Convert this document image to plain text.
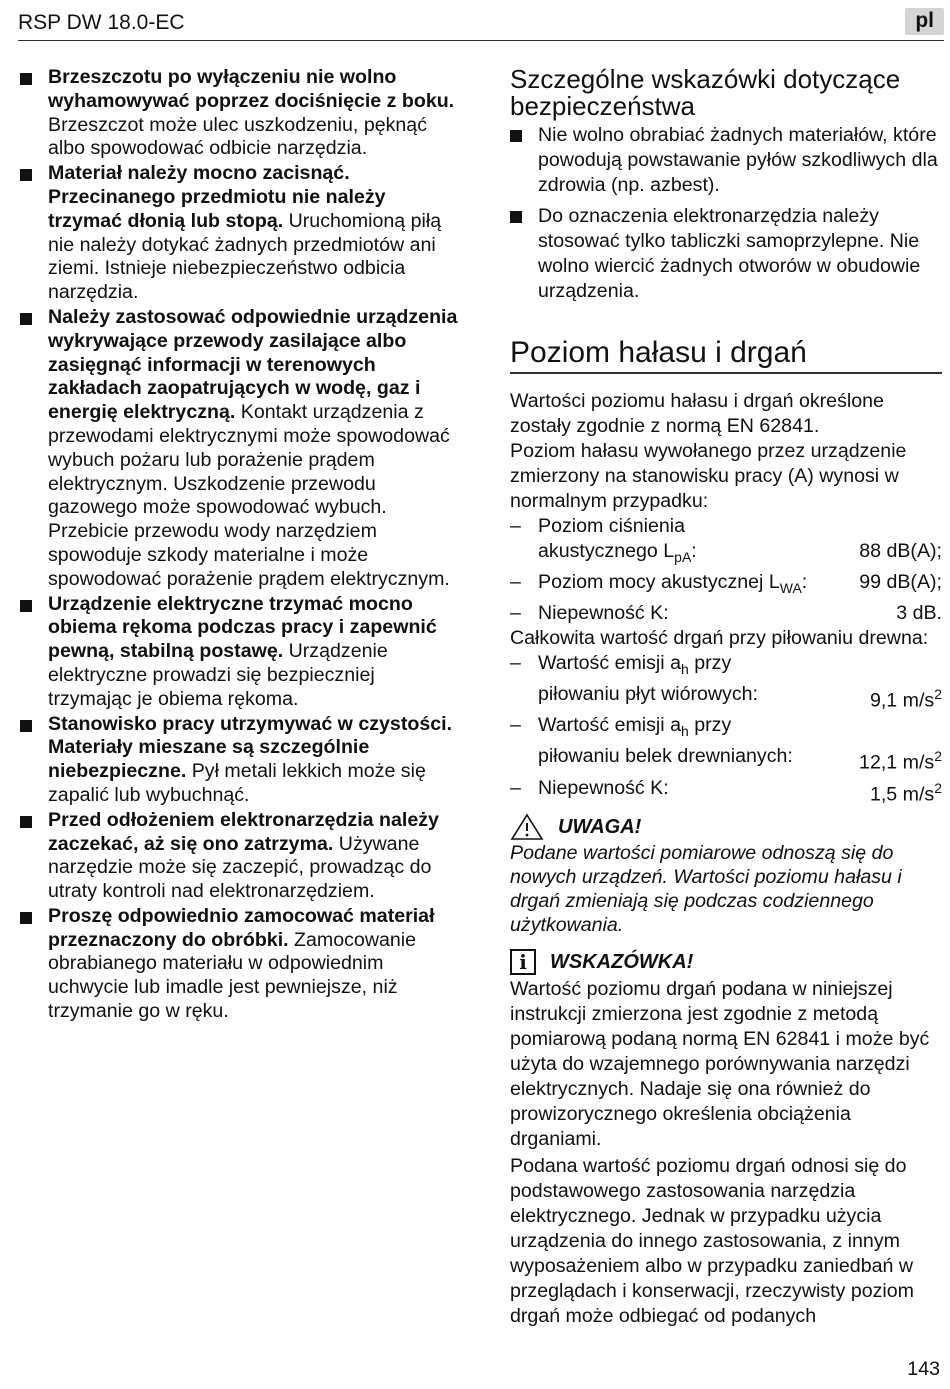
RSP DW 18.0-EC	pl
Brzeszczotu po wyłączeniu nie wolno wyhamowywać poprzez dociśnięcie z boku. Brzeszczot może ulec uszkodzeniu, pęknąć albo spowodować odbicie narzędzia.
Materiał należy mocno zacisnąć. Przecinanego przedmiotu nie należy trzymać dłonią lub stopą. Uruchomioną piłą nie należy dotykać żadnych przedmiotów ani ziemi. Istnieje niebezpieczeństwo odbicia narzędzia.
Należy zastosować odpowiednie urządzenia wykrywające przewody zasilające albo zasięgnąć informacji w terenowych zakładach zaopatrujących w wodę, gaz i energię elektryczną. Kontakt urządzenia z przewodami elektrycznymi może spowodować wybuch pożaru lub porażenie prądem elektrycznym. Uszkodzenie przewodu gazowego może spowodować wybuch. Przebicie przewodu wody narzędziem spowoduje szkody materialne i może spowodować porażenie prądem elektrycznym.
Urządzenie elektryczne trzymać mocno obiema rękoma podczas pracy i zapewnić pewną, stabilną postawę. Urządzenie elektryczne prowadzi się bezpieczniej trzymając je obiema rękoma.
Stanowisko pracy utrzymywać w czystości. Materiały mieszane są szczególnie niebezpieczne. Pył metali lekkich może się zapalić lub wybuchnąć.
Przed odłożeniem elektronarzędzia należy zaczekać, aż się ono zatrzyma. Używane narzędzie może się zaczepić, prowadząc do utraty kontroli nad elektronarzędziem.
Proszę odpowiednio zamocować materiał przeznaczony do obróbki. Zamocowanie obrabianego materiału w odpowiednim uchwycie lub imadle jest pewniejsze, niż trzymanie go w ręku.
Szczególne wskazówki dotyczące bezpieczeństwa
Nie wolno obrabiać żadnych materiałów, które powodują powstawanie pyłów szkodliwych dla zdrowia (np. azbest).
Do oznaczenia elektronarzędzia należy stosować tylko tabliczki samoprzylepne. Nie wolno wiercić żadnych otworów w obudowie urządzenia.
Poziom hałasu i drgań

Wartości poziomu hałasu i drgań określone zostały zgodnie z normą EN 62841.

Poziom hałasu wywołanego przez urządzenie zmierzony na stanowisku pracy (A) wynosi w normalnym przypadku:

– Poziom ciśnienia
akustycznego $L_{pA}$:	88 dB(A);
– Poziom mocy akustycznej $L_{WA}$:	99 dB(A);
– Niepewność K:	3 dB.

Całkowita wartość drgań przy piłowaniu drewna:

– Wartość emisji $a_h$ przy
piłowaniu płyt wiórowych:	9,1 $m/s^2$
– Wartość emisji $a_h$ przy
piłowaniu belek drewnianych:	12,1 $m/s^2$
– Niepewność K:	1,5 $m/s^2$
UWAGA!

Podane wartości pomiarowe odnoszą się do nowych urządzeń. Wartości poziomu hałasu i drgań zmieniają się podczas codziennego użytkowania.

i	WSKAZÓWKA!

Wartość poziomu drgań podana w niniejszej instrukcji zmierzona jest zgodnie z metodą pomiarową podaną normą EN 62841 i może być użyta do wzajemnego porównywania narzędzi elektrycznych. Nadaje się ona również do prowizorycznego określenia obciążenia drganiami.

Podana wartość poziomu drgań odnosi się do podstawowego zastosowania narzędzia elektrycznego. Jednak w przypadku użycia urządzenia do innego zastosowania, z innym wyposażeniem albo w przypadku zaniedbań w przeglądach i konserwacji, rzeczywisty poziom drgań może odbiegać od podanych

143
